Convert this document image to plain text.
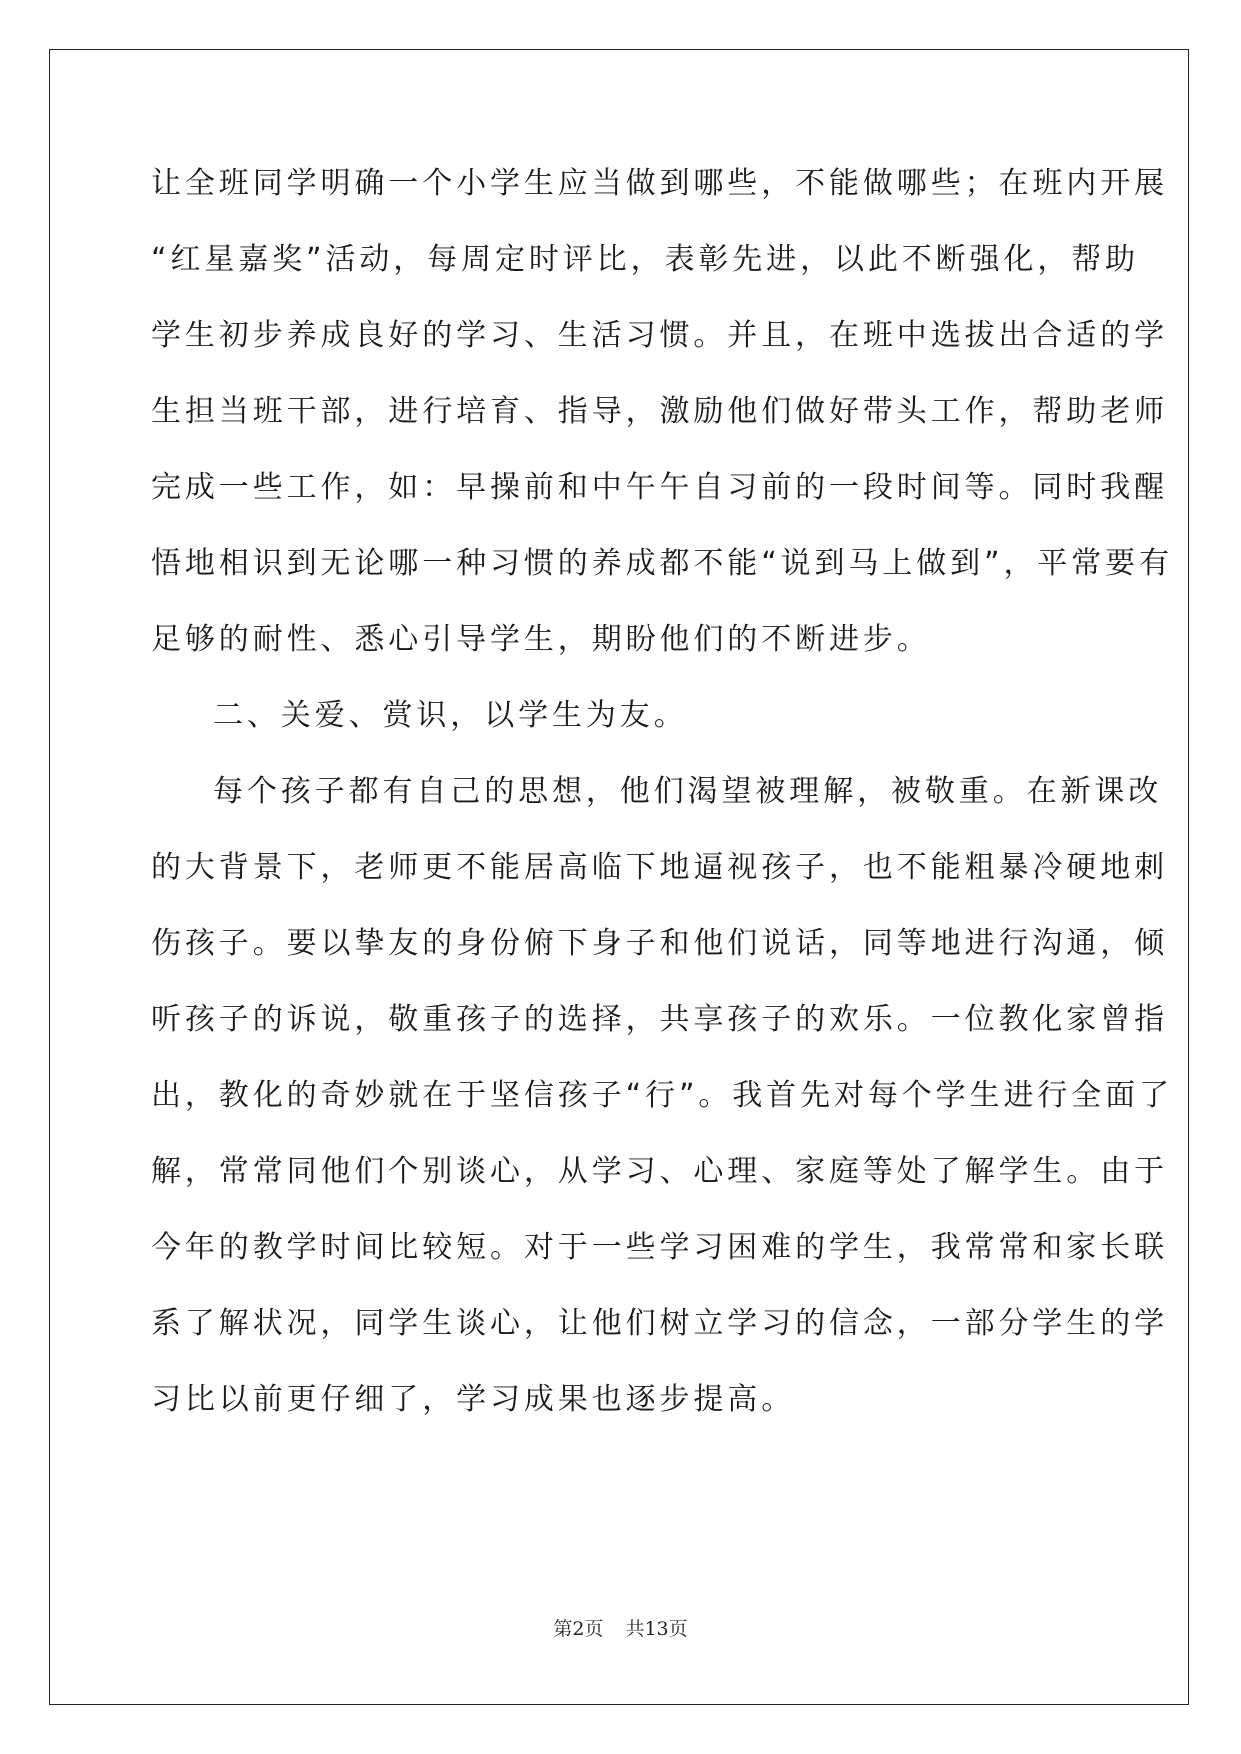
让全班同学明确一个小学生应当做到哪些，不能做哪些；在班内开展
“红星嘉奖”活动，每周定时评比，表彰先进，以此不断强化，帮助
学生初步养成良好的学习、生活习惯。并且，在班中选拔出合适的学
生担当班干部，进行培育、指导，激励他们做好带头工作，帮助老师
完成一些工作，如：早操前和中午午自习前的一段时间等。同时我醒
悟地相识到无论哪一种习惯的养成都不能“说到马上做到”，平常要有
足够的耐性、悉心引导学生，期盼他们的不断进步。
二、关爱、赏识，以学生为友。
每个孩子都有自己的思想，他们渴望被理解，被敬重。在新课改
的大背景下，老师更不能居高临下地逼视孩子，也不能粗暴冷硬地刺
伤孩子。要以挚友的身份俯下身子和他们说话，同等地进行沟通，倾
听孩子的诉说，敬重孩子的选择，共享孩子的欢乐。一位教化家曾指
出，教化的奇妙就在于坚信孩子“行”。我首先对每个学生进行全面了
解，常常同他们个别谈心，从学习、心理、家庭等处了解学生。由于
今年的教学时间比较短。对于一些学习困难的学生，我常常和家长联
系了解状况，同学生谈心，让他们树立学习的信念，一部分学生的学
习比以前更仔细了，学习成果也逐步提高。
第2页 共13页
